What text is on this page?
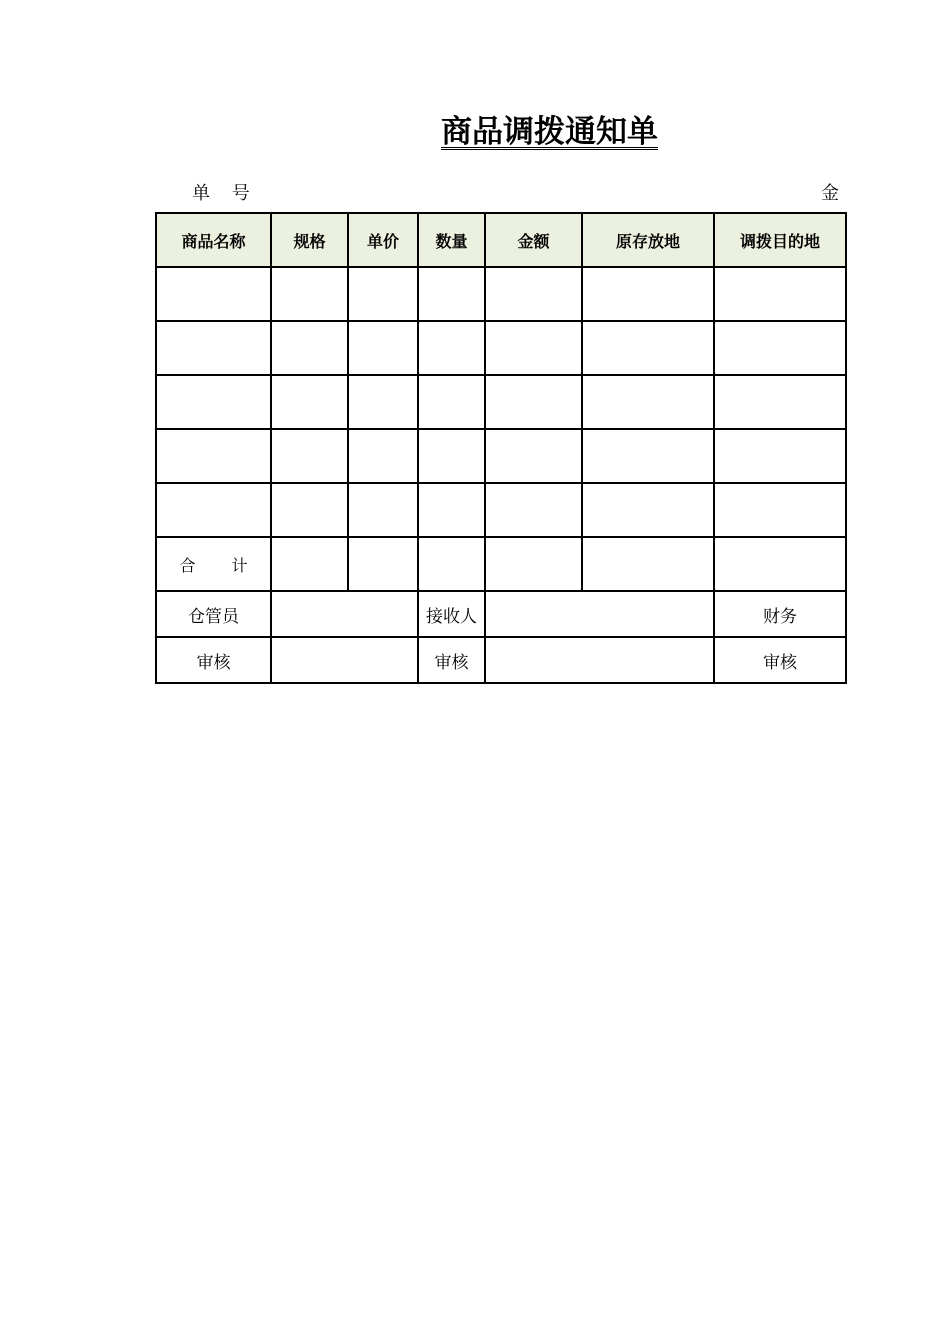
商品调拨通知单
单 号	金
商品名称	规格	单价	数量	金额	原存放地	调拨目的地

合 计						
仓管员			接收人			财务
审核			审核			审核
